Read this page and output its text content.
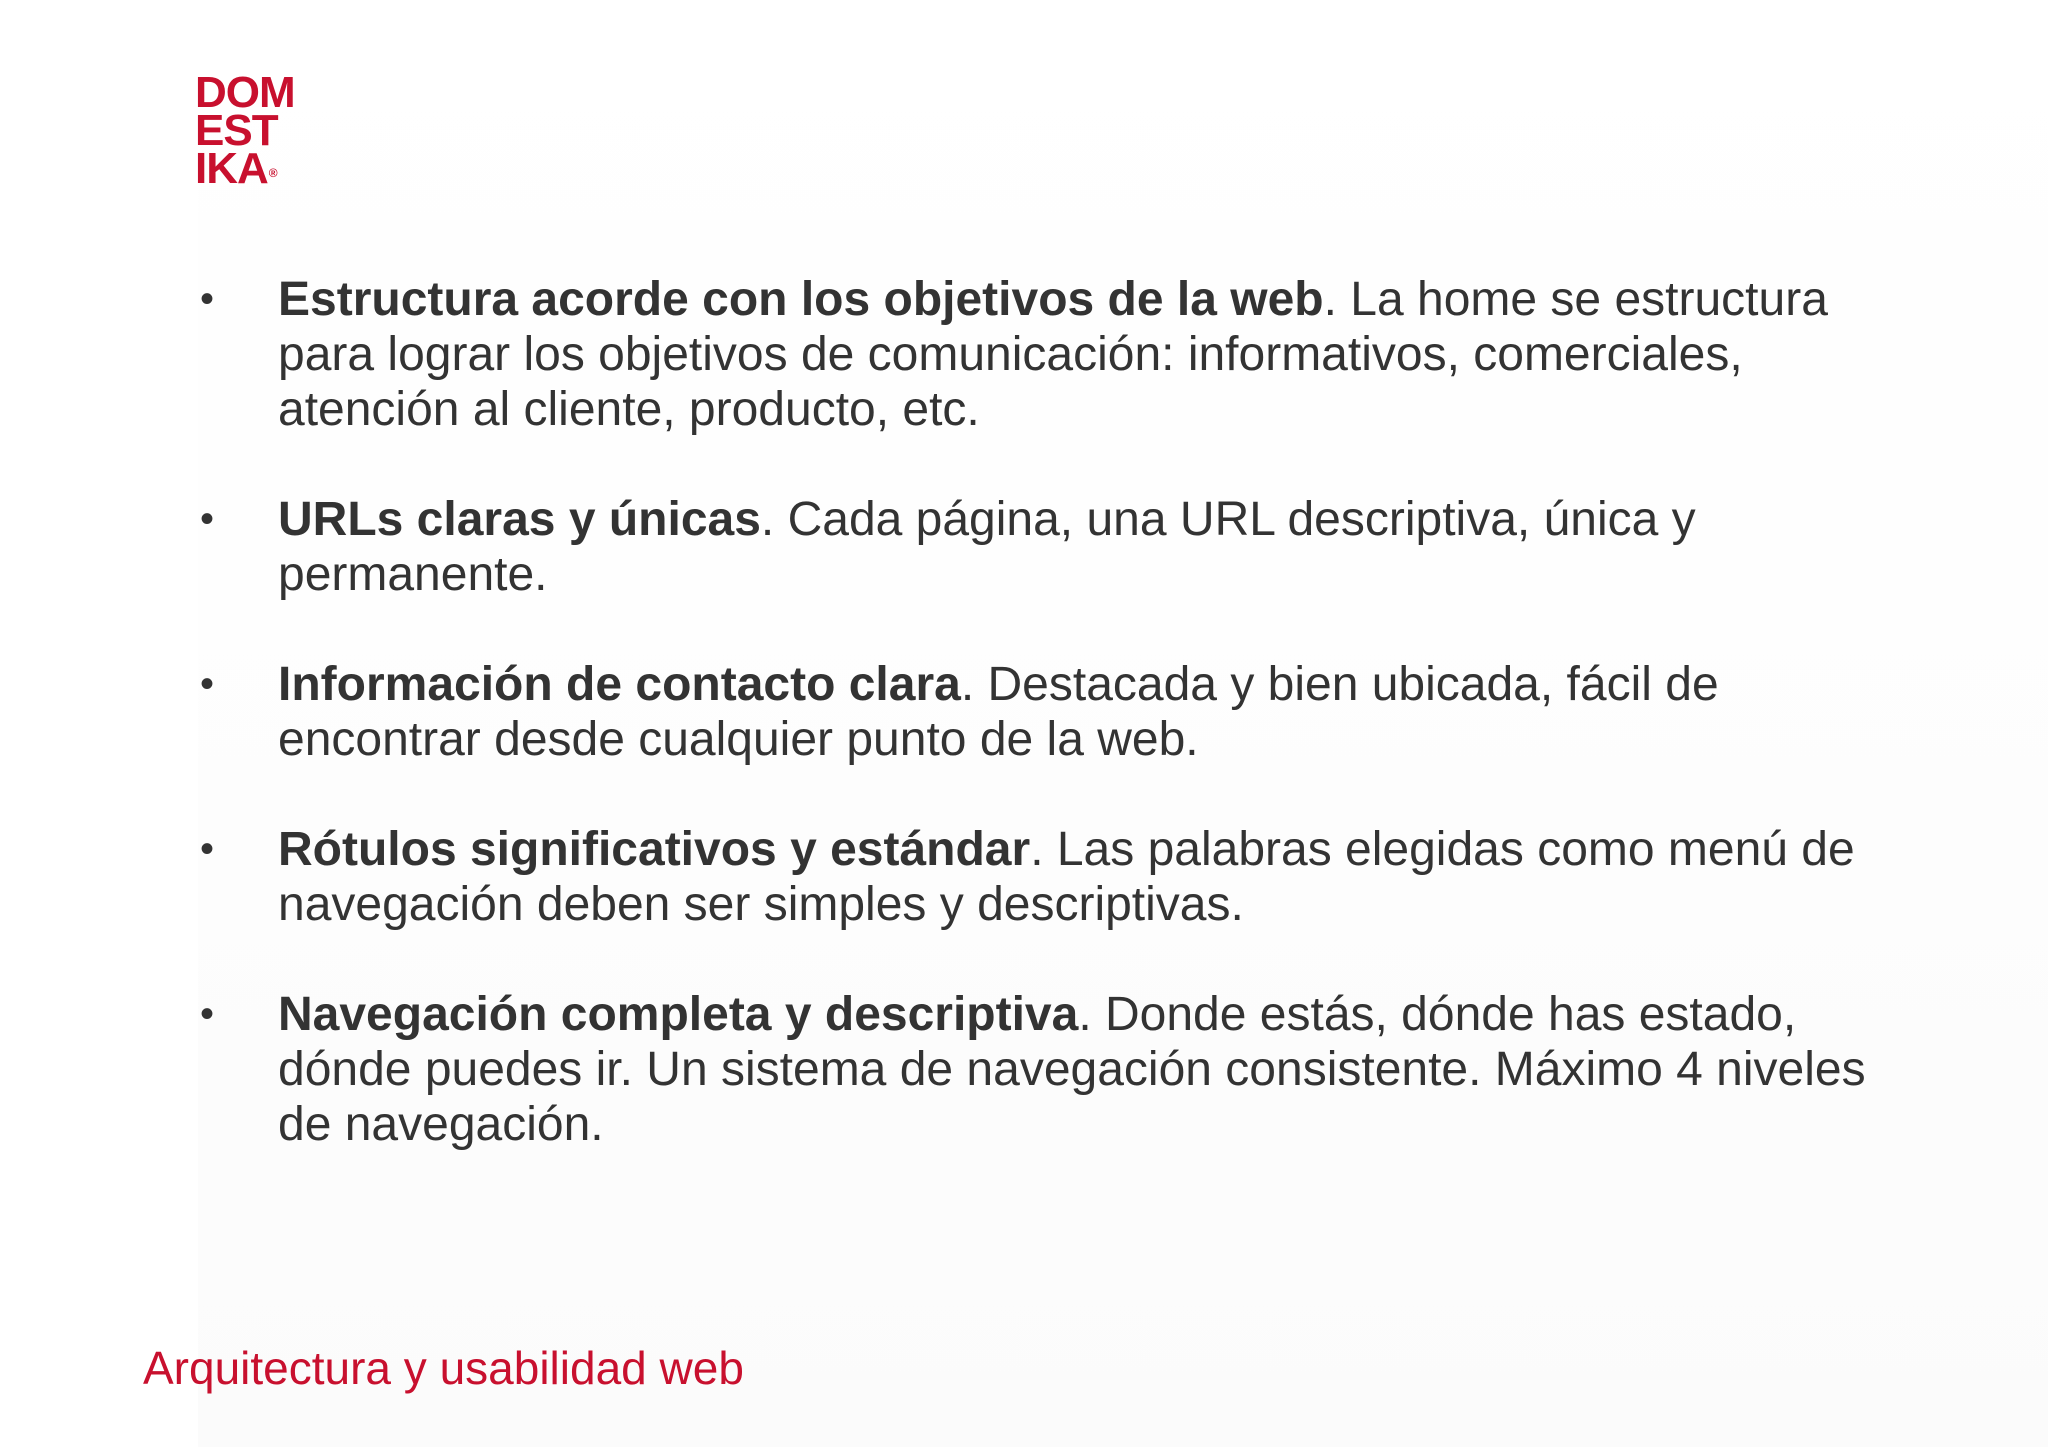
DOM
EST
IKA®
• Estructura acorde con los objetivos de la web. La home se estructura para lograr los objetivos de comunicación: informativos, comerciales, atención al cliente, producto, etc.
• URLs claras y únicas. Cada página, una URL descriptiva, única y permanente.
• Información de contacto clara. Destacada y bien ubicada, fácil de encontrar desde cualquier punto de la web.
• Rótulos significativos y estándar. Las palabras elegidas como menú de navegación deben ser simples y descriptivas.
• Navegación completa y descriptiva. Donde estás, dónde has estado, dónde puedes ir. Un sistema de navegación consistente. Máximo 4 niveles de navegación.
Arquitectura y usabilidad web
